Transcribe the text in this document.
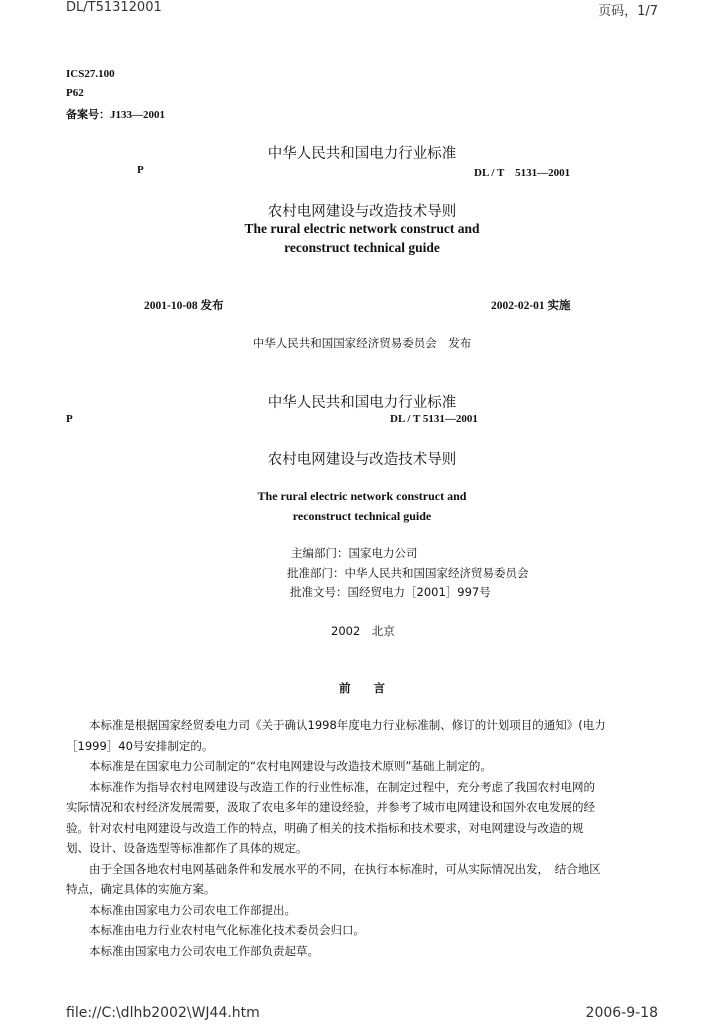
DL/T51312001	页码，1/7
ICS27.100
P62
备案号：J133—2001
中华人民共和国电力行业标准
P	DL / T　5131—2001
农村电网建设与改造技术导则
The rural electric network construct and
reconstruct technical guide
2001-10-08 发布	2002-02-01 实施
中华人民共和国国家经济贸易委员会　发布
中华人民共和国电力行业标准
P	DL / T 5131—2001
农村电网建设与改造技术导则
The rural electric network construct and
reconstruct technical guide
主编部门：国家电力公司
批准部门：中华人民共和国国家经济贸易委员会
批准文号：国经贸电力［2001］997号
2002　北京
前　　言

本标准是根据国家经贸委电力司《关于确认1998年度电力行业标准制、修订的计划项目的通知》(电力

［1999］40号安排制定的。

本标准是在国家电力公司制定的“农村电网建设与改造技术原则”基础上制定的。

本标准作为指导农村电网建设与改造工作的行业性标准，在制定过程中，充分考虑了我国农村电网的

实际情况和农村经济发展需要，汲取了农电多年的建设经验，并参考了城市电网建设和国外农电发展的经

验。针对农村电网建设与改造工作的特点，明确了相关的技术指标和技术要求，对电网建设与改造的规

划、设计、设备选型等标准都作了具体的规定。

由于全国各地农村电网基础条件和发展水平的不同，在执行本标准时，可从实际情况出发，　结合地区

特点，确定具体的实施方案。

本标准由国家电力公司农电工作部提出。

本标准由电力行业农村电气化标准化技术委员会归口。

本标准由国家电力公司农电工作部负责起草。

file://C:\dlhb2002\WJ44.htm	2006-9-18
